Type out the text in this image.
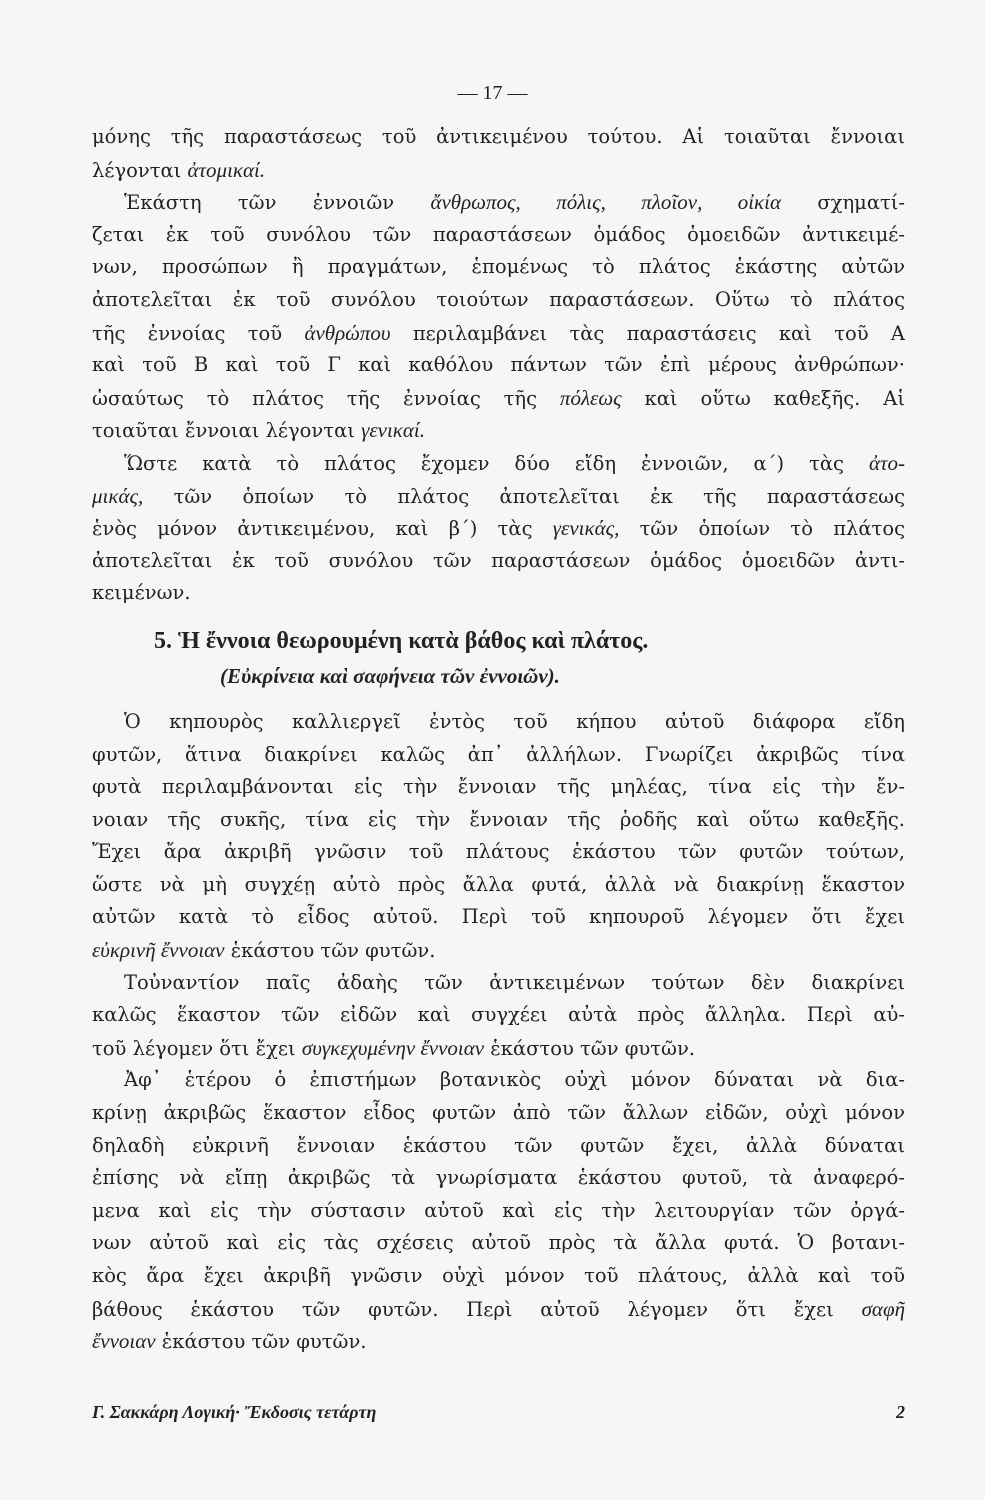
— 17 —
μόνης τῆς παραστάσεως τοῦ ἀντικειμένου τούτου. Αἱ τοιαῦται ἔννοιαι
λέγονται ἀτομικαί.
Ἑκάστη τῶν ἐννοιῶν ἄνθρωπος, πόλις, πλοῖον, οἰκία σχηματί-
ζεται ἐκ τοῦ συνόλου τῶν παραστάσεων ὁμάδος ὁμοειδῶν ἀντικειμέ-
νων, προσώπων ἢ πραγμάτων, ἑπομένως τὸ πλάτος ἑκάστης αὐτῶν
ἀποτελεῖται ἐκ τοῦ συνόλου τοιούτων παραστάσεων. Οὕτω τὸ πλάτος
τῆς ἐννοίας τοῦ ἀνθρώπου περιλαμβάνει τὰς παραστάσεις καὶ τοῦ Α
καὶ τοῦ Β καὶ τοῦ Γ καὶ καθόλου πάντων τῶν ἐπὶ μέρους ἀνθρώπων·
ὡσαύτως τὸ πλάτος τῆς ἐννοίας τῆς πόλεως καὶ οὕτω καθεξῆς. Αἱ
τοιαῦται ἔννοιαι λέγονται γενικαί.
Ὥστε κατὰ τὸ πλάτος ἔχομεν δύο εἴδη ἐννοιῶν, α΄) τὰς ἀτο-
μικάς, τῶν ὁποίων τὸ πλάτος ἀποτελεῖται ἐκ τῆς παραστάσεως
ἑνὸς μόνον ἀντικειμένου, καὶ β΄) τὰς γενικάς, τῶν ὁποίων τὸ πλάτος
ἀποτελεῖται ἐκ τοῦ συνόλου τῶν παραστάσεων ὁμάδος ὁμοειδῶν ἀντι-
κειμένων.
5. Ἡ ἔννοια θεωρουμένη κατὰ βάθος καὶ πλάτος.
(Εὐκρίνεια καὶ σαφήνεια τῶν ἐννοιῶν).
Ὁ κηπουρὸς καλλιεργεῖ ἐντὸς τοῦ κήπου αὐτοῦ διάφορα εἴδη
φυτῶν, ἅτινα διακρίνει καλῶς ἀπ᾿ ἀλλήλων. Γνωρίζει ἀκριβῶς τίνα
φυτὰ περιλαμβάνονται εἰς τὴν ἔννοιαν τῆς μηλέας, τίνα εἰς τὴν ἔν-
νοιαν τῆς συκῆς, τίνα εἰς τὴν ἔννοιαν τῆς ῥοδῆς καὶ οὕτω καθεξῆς.
Ἔχει ἄρα ἀκριβῆ γνῶσιν τοῦ πλάτους ἑκάστου τῶν φυτῶν τούτων,
ὥστε νὰ μὴ συγχέῃ αὐτὸ πρὸς ἄλλα φυτά, ἀλλὰ νὰ διακρίνῃ ἕκαστον
αὐτῶν κατὰ τὸ εἶδος αὐτοῦ. Περὶ τοῦ κηπουροῦ λέγομεν ὅτι ἔχει
εὐκρινῆ ἔννοιαν ἑκάστου τῶν φυτῶν.
Τοὐναντίον παῖς ἀδαὴς τῶν ἀντικειμένων τούτων δὲν διακρίνει
καλῶς ἕκαστον τῶν εἰδῶν καὶ συγχέει αὐτὰ πρὸς ἄλληλα. Περὶ αὐ-
τοῦ λέγομεν ὅτι ἔχει συγκεχυμένην ἔννοιαν ἑκάστου τῶν φυτῶν.
Ἀφ᾿ ἑτέρου ὁ ἐπιστήμων βοτανικὸς οὐχὶ μόνον δύναται νὰ δια-
κρίνῃ ἀκριβῶς ἕκαστον εἶδος φυτῶν ἀπὸ τῶν ἄλλων εἰδῶν, οὐχὶ μόνον
δηλαδὴ εὐκρινῆ ἔννοιαν ἑκάστου τῶν φυτῶν ἔχει, ἀλλὰ δύναται
ἐπίσης νὰ εἴπῃ ἀκριβῶς τὰ γνωρίσματα ἑκάστου φυτοῦ, τὰ ἀναφερό-
μενα καὶ εἰς τὴν σύστασιν αὐτοῦ καὶ εἰς τὴν λειτουργίαν τῶν ὀργά-
νων αὐτοῦ καὶ εἰς τὰς σχέσεις αὐτοῦ πρὸς τὰ ἄλλα φυτά. Ὁ βοτανι-
κὸς ἄρα ἔχει ἀκριβῆ γνῶσιν οὐχὶ μόνον τοῦ πλάτους, ἀλλὰ καὶ τοῦ
βάθους ἑκάστου τῶν φυτῶν. Περὶ αὐτοῦ λέγομεν ὅτι ἔχει σαφῆ
ἔννοιαν ἑκάστου τῶν φυτῶν.
Γ. Σακκάρη Λογική· Ἔκδοσις τετάρτη	2
